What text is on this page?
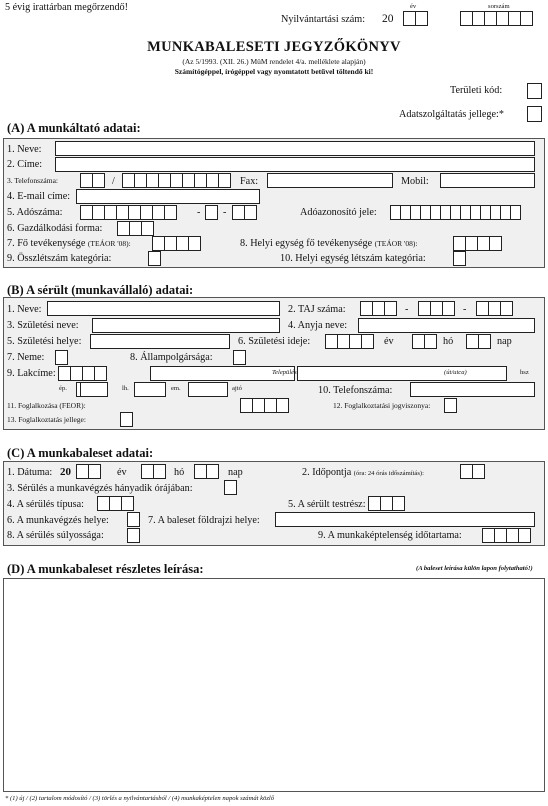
5 évig irattárban megőrzendő!	év	sorszám
Nyilvántartási szám: 20
MUNKABALESETI JEGYZŐKÖNYV
(Az 5/1993. (XII. 26.) MüM rendelet 4/a. melléklete alapján)
Számítógéppel, írógéppel vagy nyomtatott betűvel töltendő ki!
Területi kód:
Adatszolgáltatás jellege:*
(A) A munkáltató adatai:
1. Neve:
2. Címe:
3. Telefonszáma:	/	Fax:	Mobil:
4. E-mail címe:
5. Adószáma:	- -	Adóazonosító jele:
6. Gazdálkodási forma:
7. Fő tevékenysége (TEÁOR '08):	8. Helyi egység fő tevékenysége (TEÁOR '08):
9. Összlétszám kategória:	10. Helyi egység létszám kategória:
(B) A sérült (munkavállaló) adatai:
1. Neve:	2. TAJ száma:	-	-
3. Születési neve:	4. Anyja neve:
5. Születési helye:	6. Születési ideje:	év	hó	nap
7. Neme:	8. Állampolgársága:
9. Lakcíme:	Település	(út/utca)	hsz
ép.	lh.	em.	ajtó	10. Telefonszáma:
11. Foglalkozása (FEOR):	12. Foglalkoztatási jogviszonya:
13. Foglalkoztatás jellege:
(C) A munkabaleset adatai:
1. Dátuma: 20	év	hó	nap	2. Időpontja (óra: 24 órás időszámítás):
3. Sérülés a munkavégzés hányadik órájában:
4. A sérülés típusa:	5. A sérült testrész:
6. A munkavégzés helye:	7. A baleset földrajzi helye:
8. A sérülés súlyossága:	9. A munkaképtelenség időtartama:
(D) A munkabaleset részletes leírása:	(A baleset leírása külön lapon folytatható!)
* (1) új / (2) tartalom módosító / (3) törlés a nyilvántartásból / (4) munkaképtelen napok számát közlő
